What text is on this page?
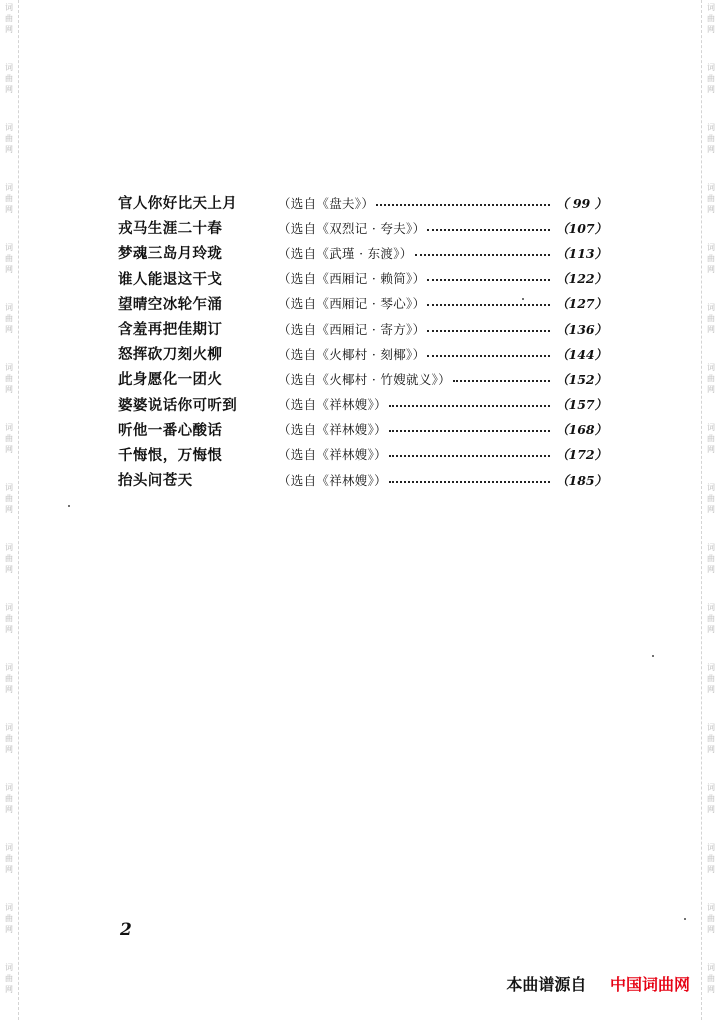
词曲网
词曲网
词曲网
词曲网
词曲网
词曲网
词曲网
词曲网
词曲网
词曲网
词曲网
词曲网
词曲网
词曲网
词曲网
词曲网
词曲网
词曲网
词曲网
词曲网
词曲网
词曲网
词曲网
词曲网
词曲网
词曲网
词曲网
词曲网
词曲网
词曲网
词曲网
词曲网
词曲网
词曲网
官人你好比天上月	（选自《盘夫》）	（ 99 ）
戎马生涯二十春	（选自《双烈记 · 夸夫》）	（107）
梦魂三岛月玲珑	（选自《武瑾 · 东渡》）	（113）
谁人能退这干戈	（选自《西厢记 · 赖简》）	（122）
望晴空冰轮乍涌	（选自《西厢记 · 琴心》）	（127）
含羞再把佳期订	（选自《西厢记 · 寄方》）	（136）
怒挥砍刀刻火柳	（选自《火椰村 · 刻椰》）	（144）
此身愿化一团火	（选自《火椰村 · 竹嫂就义》）	（152）
婆婆说话你可听到	（选自《祥林嫂》）	（157）
听他一番心酸话	（选自《祥林嫂》）	（168）
千悔恨，万悔恨	（选自《祥林嫂》）	（172）
抬头问苍天	（选自《祥林嫂》）	（185）
2
本曲谱源自 中国词曲网
